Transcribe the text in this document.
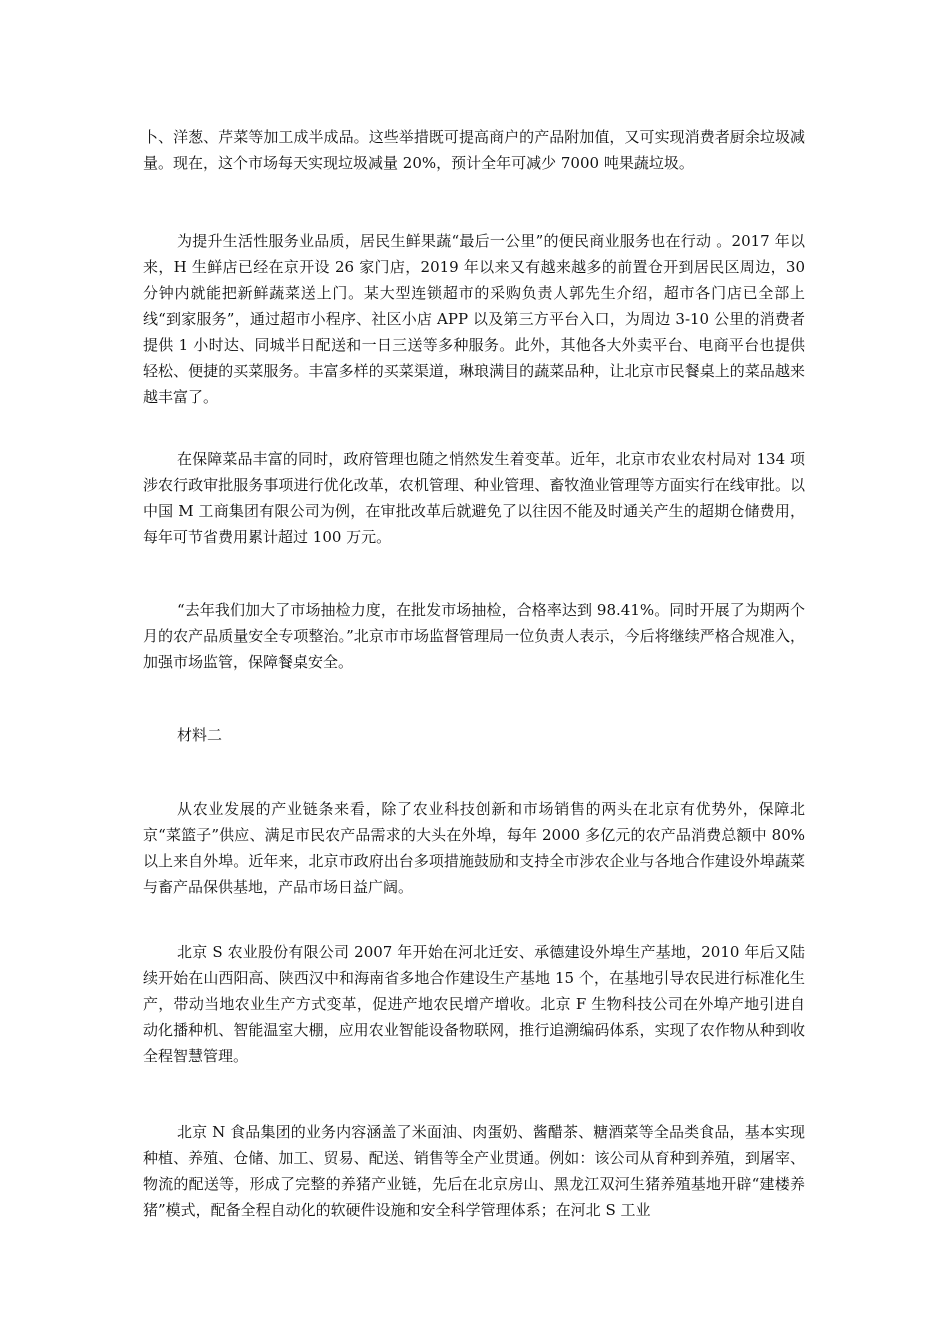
卜、洋葱、芹菜等加工成半成品。这些举措既可提高商户的产品附加值，又可实现消费者厨余垃圾减量。现在，这个市场每天实现垃圾减量 20%，预计全年可减少 7000 吨果蔬垃圾。

为提升生活性服务业品质，居民生鲜果蔬“最后一公里”的便民商业服务也在行动 。2017 年以来，H 生鲜店已经在京开设 26 家门店，2019 年以来又有越来越多的前置仓开到居民区周边，30 分钟内就能把新鲜蔬菜送上门。某大型连锁超市的采购负责人郭先生介绍，超市各门店已全部上线“到家服务”，通过超市小程序、社区小店 APP 以及第三方平台入口，为周边 3-10 公里的消费者提供 1 小时达、同城半日配送和一日三送等多种服务。此外，其他各大外卖平台、电商平台也提供轻松、便捷的买菜服务。丰富多样的买菜渠道，琳琅满目的蔬菜品种，让北京市民餐桌上的菜品越来越丰富了。

在保障菜品丰富的同时，政府管理也随之悄然发生着变革。近年，北京市农业农村局对 134 项涉农行政审批服务事项进行优化改革，农机管理、种业管理、畜牧渔业管理等方面实行在线审批。以中国 M 工商集团有限公司为例，在审批改革后就避免了以往因不能及时通关产生的超期仓储费用，每年可节省费用累计超过 100 万元。

“去年我们加大了市场抽检力度，在批发市场抽检，合格率达到 98.41%。同时开展了为期两个月的农产品质量安全专项整治。”北京市市场监督管理局一位负责人表示，今后将继续严格合规准入，加强市场监管，保障餐桌安全。

材料二

从农业发展的产业链条来看，除了农业科技创新和市场销售的两头在北京有优势外，保障北京“菜篮子”供应、满足市民农产品需求的大头在外埠，每年 2000 多亿元的农产品消费总额中 80%以上来自外埠。近年来，北京市政府出台多项措施鼓励和支持全市涉农企业与各地合作建设外埠蔬菜与畜产品保供基地，产品市场日益广阔。

北京 S 农业股份有限公司 2007 年开始在河北迁安、承德建设外埠生产基地，2010 年后又陆续开始在山西阳高、陕西汉中和海南省多地合作建设生产基地 15 个，在基地引导农民进行标准化生产，带动当地农业生产方式变革，促进产地农民增产增收。北京 F 生物科技公司在外埠产地引进自动化播种机、智能温室大棚，应用农业智能设备物联网，推行追溯编码体系，实现了农作物从种到收全程智慧管理。

北京 N 食品集团的业务内容涵盖了米面油、肉蛋奶、酱醋茶、糖酒菜等全品类食品，基本实现种植、养殖、仓储、加工、贸易、配送、销售等全产业贯通。例如：该公司从育种到养殖，到屠宰、物流的配送等，形成了完整的养猪产业链，先后在北京房山、黑龙江双河生猪养殖基地开辟“建楼养猪”模式，配备全程自动化的软硬件设施和安全科学管理体系；在河北 S 工业
